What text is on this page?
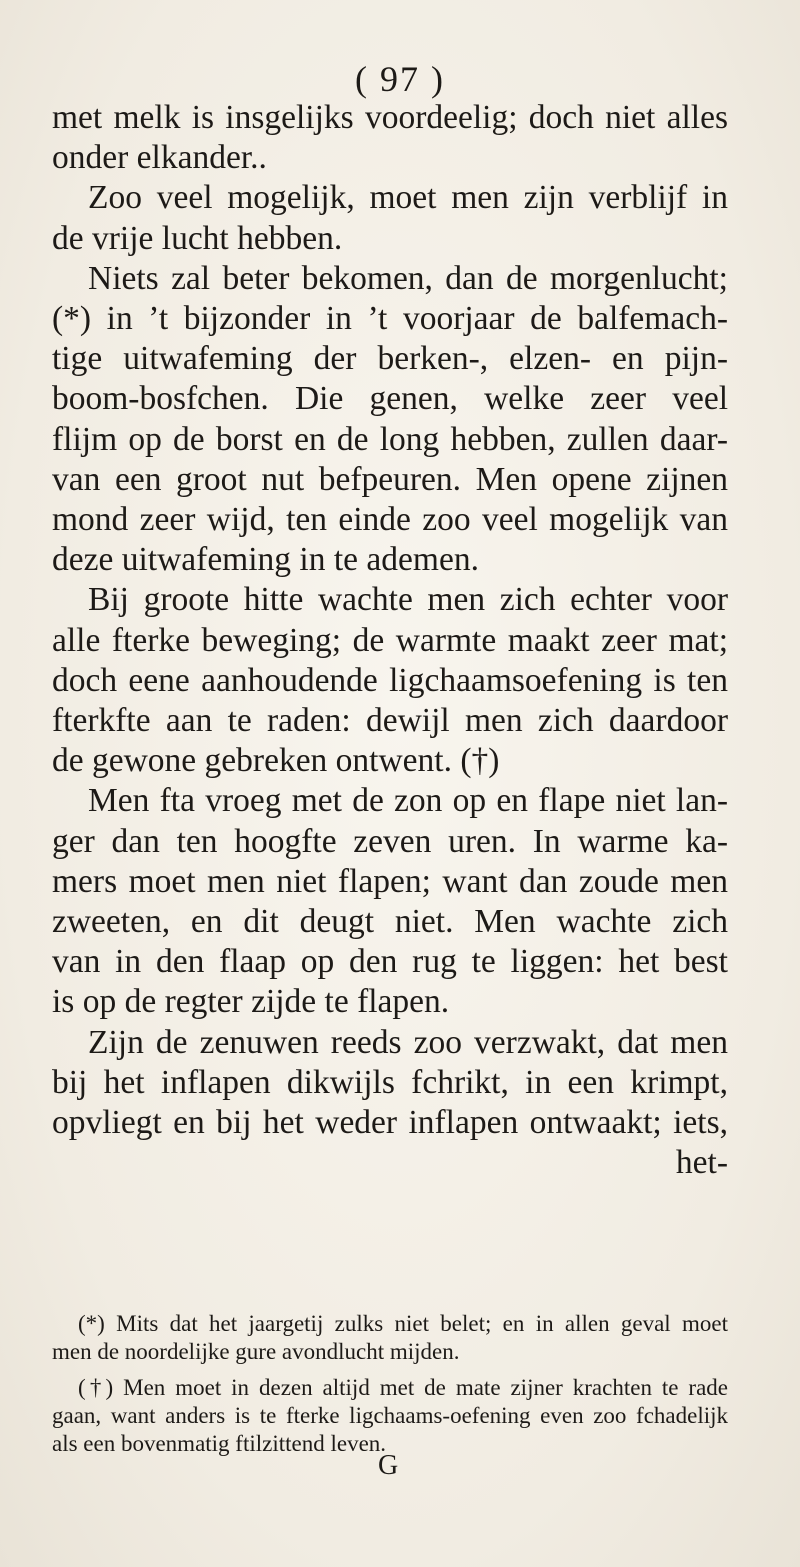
( 97 )
met melk is insgelijks voordeelig; doch niet alles
onder elkander..
Zoo veel mogelijk, moet men zijn verblijf in
de vrije lucht hebben.
Niets zal beter bekomen, dan de morgenlucht;
(*) in ’t bijzonder in ’t voorjaar de balfemach-
tige uitwafeming der berken-, elzen- en pijn-
boom-bosfchen. Die genen, welke zeer veel
flijm op de borst en de long hebben, zullen daar-
van een groot nut befpeuren. Men opene zijnen
mond zeer wijd, ten einde zoo veel mogelijk van
deze uitwafeming in te ademen.
Bij groote hitte wachte men zich echter voor
alle fterke beweging; de warmte maakt zeer mat;
doch eene aanhoudende ligchaamsoefening is ten
fterkfte aan te raden: dewijl men zich daardoor
de gewone gebreken ontwent. (†)
Men fta vroeg met de zon op en flape niet lan-
ger dan ten hoogfte zeven uren. In warme ka-
mers moet men niet flapen; want dan zoude men
zweeten, en dit deugt niet. Men wachte zich
van in den flaap op den rug te liggen: het best
is op de regter zijde te flapen.
Zijn de zenuwen reeds zoo verzwakt, dat men
bij het inflapen dikwijls fchrikt, in een krimpt,
opvliegt en bij het weder inflapen ontwaakt; iets,
het-
(*) Mits dat het jaargetij zulks niet belet; en in allen geval moet
men de noordelijke gure avondlucht mijden.
(†) Men moet in dezen altijd met de mate zijner krachten te rade
gaan, want anders is te fterke ligchaams-oefening even zoo fchadelijk
als een bovenmatig ftilzittend leven.
G
